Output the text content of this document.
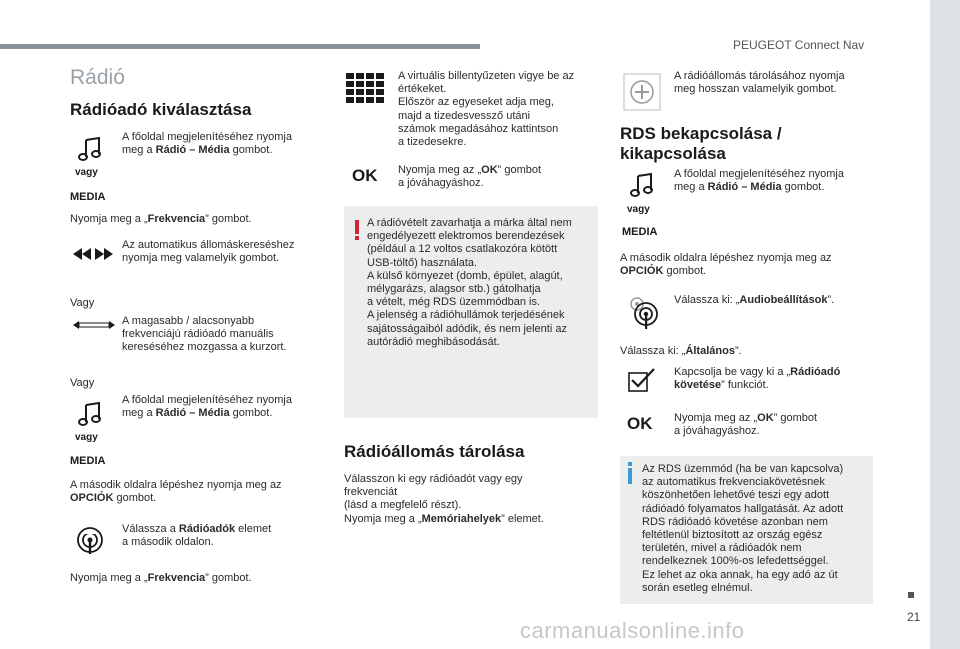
PEUGEOT Connect Nav
21
Rádió
Rádióadó kiválasztása
vagy
MEDIA
A főoldal megjelenítéséhez nyomja
meg a Rádió – Média gombot.
Nyomja meg a „Frekvencia” gombot.
Az automatikus állomáskereséshez
nyomja meg valamelyik gombot.
Vagy
A magasabb / alacsonyabb
frekvenciájú rádióadó manuális
kereséséhez mozgassa a kurzort.
Vagy
vagy
MEDIA
A főoldal megjelenítéséhez nyomja
meg a Rádió – Média gombot.
A második oldalra lépéshez nyomja meg az
OPCIÓK gombot.
Válassza a Rádióadók elemet
a második oldalon.
Nyomja meg a „Frekvencia” gombot.
A virtuális billentyűzeten vigye be az
értékeket.
Először az egyeseket adja meg,
majd a tizedesvessző utáni
számok megadásához kattintson
a tizedesekre.
OK Nyomja meg az „OK” gombot
a jóváhagyáshoz.
A rádióvételt zavarhatja a márka által nem
engedélyezett elektromos berendezések
(például a 12 voltos csatlakozóra kötött
USB-töltő) használata.
A külső környezet (domb, épület, alagút,
mélygarázs, alagsor stb.) gátolhatja
a vételt, még RDS üzemmódban is.
A jelenség a rádióhullámok terjedésének
sajátosságaiból adódik, és nem jelenti az
autórádió meghibásodását.
Rádióállomás tárolása
Válasszon ki egy rádióadót vagy egy
frekvenciát
(lásd a megfelelő részt).
Nyomja meg a „Memóriahelyek” elemet.
A rádióállomás tárolásához nyomja
meg hosszan valamelyik gombot.
RDS bekapcsolása /
kikapcsolása
vagy
MEDIA
A főoldal megjelenítéséhez nyomja
meg a Rádió – Média gombot.
A második oldalra lépéshez nyomja meg az
OPCIÓK gombot.
Válassza ki: „Audiobeállítások”.
Válassza ki: „Általános”.
Kapcsolja be vagy ki a „Rádióadó
követése” funkciót.
OK Nyomja meg az „OK” gombot
a jóváhagyáshoz.
Az RDS üzemmód (ha be van kapcsolva)
az automatikus frekvenciakövetésnek
köszönhetően lehetővé teszi egy adott
rádióadó folyamatos hallgatását. Az adott
RDS rádióadó követése azonban nem
feltétlenül biztosított az ország egész
területén, mivel a rádióadók nem
rendelkeznek 100%-os lefedettséggel.
Ez lehet az oka annak, ha egy adó az út
során esetleg elnémul.
carmanualsonline.info
